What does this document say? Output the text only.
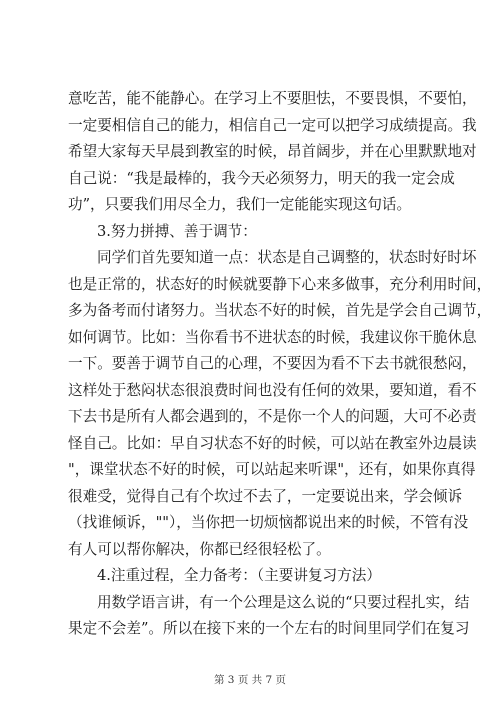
意吃苦，能不能静心。在学习上不要胆怯，不要畏惧，不要怕，
一定要相信自己的能力，相信自己一定可以把学习成绩提高。我
希望大家每天早晨到教室的时候，昂首阔步，并在心里默默地对
自己说：“我是最棒的，我今天必须努力，明天的我一定会成
功”，只要我们用尽全力，我们一定能能实现这句话。
3.努力拼搏、善于调节：
同学们首先要知道一点：状态是自己调整的，状态时好时坏
也是正常的，状态好的时候就要静下心来多做事，充分利用时间，
多为备考而付诸努力。当状态不好的时候，首先是学会自己调节，
如何调节。比如：当你看书不进状态的时候，我建议你干脆休息
一下。要善于调节自己的心理，不要因为看不下去书就很愁闷，
这样处于愁闷状态很浪费时间也没有任何的效果，要知道，看不
下去书是所有人都会遇到的，不是你一个人的问题，大可不必责
怪自己。比如：早自习状态不好的时候，可以站在教室外边晨读
"，课堂状态不好的时候，可以站起来听课"，还有，如果你真得
很难受，觉得自己有个坎过不去了，一定要说出来，学会倾诉
（找谁倾诉，""），当你把一切烦恼都说出来的时候，不管有没
有人可以帮你解决，你都已经很轻松了。
4.注重过程，全力备考：（主要讲复习方法）
用数学语言讲，有一个公理是这么说的“只要过程扎实，结
果定不会差”。所以在接下来的一个左右的时间里同学们在复习
第 3 页 共 7 页
